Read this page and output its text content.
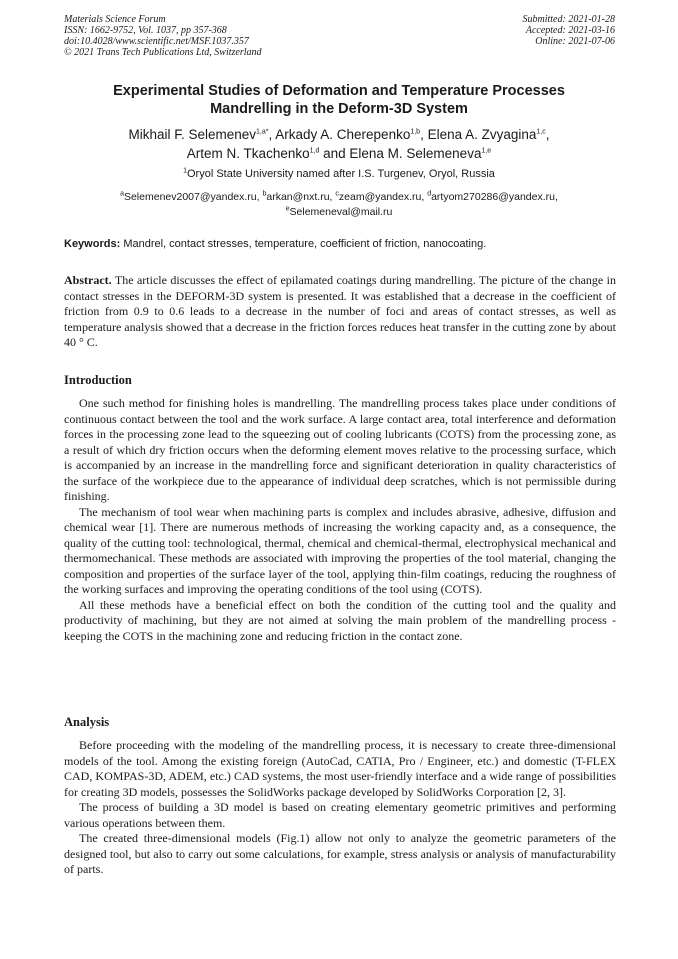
Materials Science Forum
ISSN: 1662-9752, Vol. 1037, pp 357-368
doi:10.4028/www.scientific.net/MSF.1037.357
© 2021 Trans Tech Publications Ltd, Switzerland
Submitted: 2021-01-28
Accepted: 2021-03-16
Online: 2021-07-06
Experimental Studies of Deformation and Temperature Processes
Mandrelling in the Deform-3D System
Mikhail F. Selemenev$^{1,a*}$, Arkady A. Cherepenko$^{1,b}$, Elena A. Zvyagina$^{1,c}$,
Artem N. Tkachenko$^{1,d}$ and Elena M. Selemeneva$^{1,e}$
$^1$Oryol State University named after I.S. Turgenev, Oryol, Russia
$^a$Selemenev2007@yandex.ru, $^b$arkan@nxt.ru, $^c$zeam@yandex.ru, $^d$artyom270286@yandex.ru,
$^e$Selemeneval@mail.ru
Keywords: Mandrel, contact stresses, temperature, coefficient of friction, nanocoating.

Abstract. The article discusses the effect of epilamated coatings during mandrelling. The picture of the change in contact stresses in the DEFORM-3D system is presented. It was established that a decrease in the coefficient of friction from 0.9 to 0.6 leads to a decrease in the number of foci and areas of contact stresses, as well as temperature analysis showed that a decrease in the friction forces reduces heat transfer in the cutting zone by about 40 ° C.

Introduction

One such method for finishing holes is mandrelling. The mandrelling process takes place under conditions of continuous contact between the tool and the work surface. A large contact area, total interference and deformation forces in the processing zone lead to the squeezing out of cooling lubricants (COTS) from the processing zone, as a result of which dry friction occurs when the deforming element moves relative to the processing surface, which is accompanied by an increase in the mandrelling force and significant deterioration in quality characteristics of the surface of the workpiece due to the appearance of individual deep scratches, which is not permissible during finishing.

The mechanism of tool wear when machining parts is complex and includes abrasive, adhesive, diffusion and chemical wear [1]. There are numerous methods of increasing the working capacity and, as a consequence, the quality of the cutting tool: technological, thermal, chemical and chemical-thermal, electrophysical mechanical and thermomechanical. These methods are associated with improving the properties of the tool material, changing the composition and properties of the surface layer of the tool, applying thin-film coatings, reducing the roughness of the working surfaces and improving the operating conditions of the tool using (COTS).

All these methods have a beneficial effect on both the condition of the cutting tool and the quality and productivity of machining, but they are not aimed at solving the main problem of the mandrelling process - keeping the COTS in the machining zone and reducing friction in the contact zone.

Analysis

Before proceeding with the modeling of the mandrelling process, it is necessary to create three-dimensional models of the tool. Among the existing foreign (AutoCad, CATIA, Pro / Engineer, etc.) and domestic (T-FLEX CAD, KOMPAS-3D, ADEM, etc.) CAD systems, the most user-friendly interface and a wide range of possibilities for creating 3D models, possesses the SolidWorks package developed by SolidWorks Corporation [2, 3].

The process of building a 3D model is based on creating elementary geometric primitives and performing various operations between them.

The created three-dimensional models (Fig.1) allow not only to analyze the geometric parameters of the designed tool, but also to carry out some calculations, for example, stress analysis or analysis of manufacturability of parts.
